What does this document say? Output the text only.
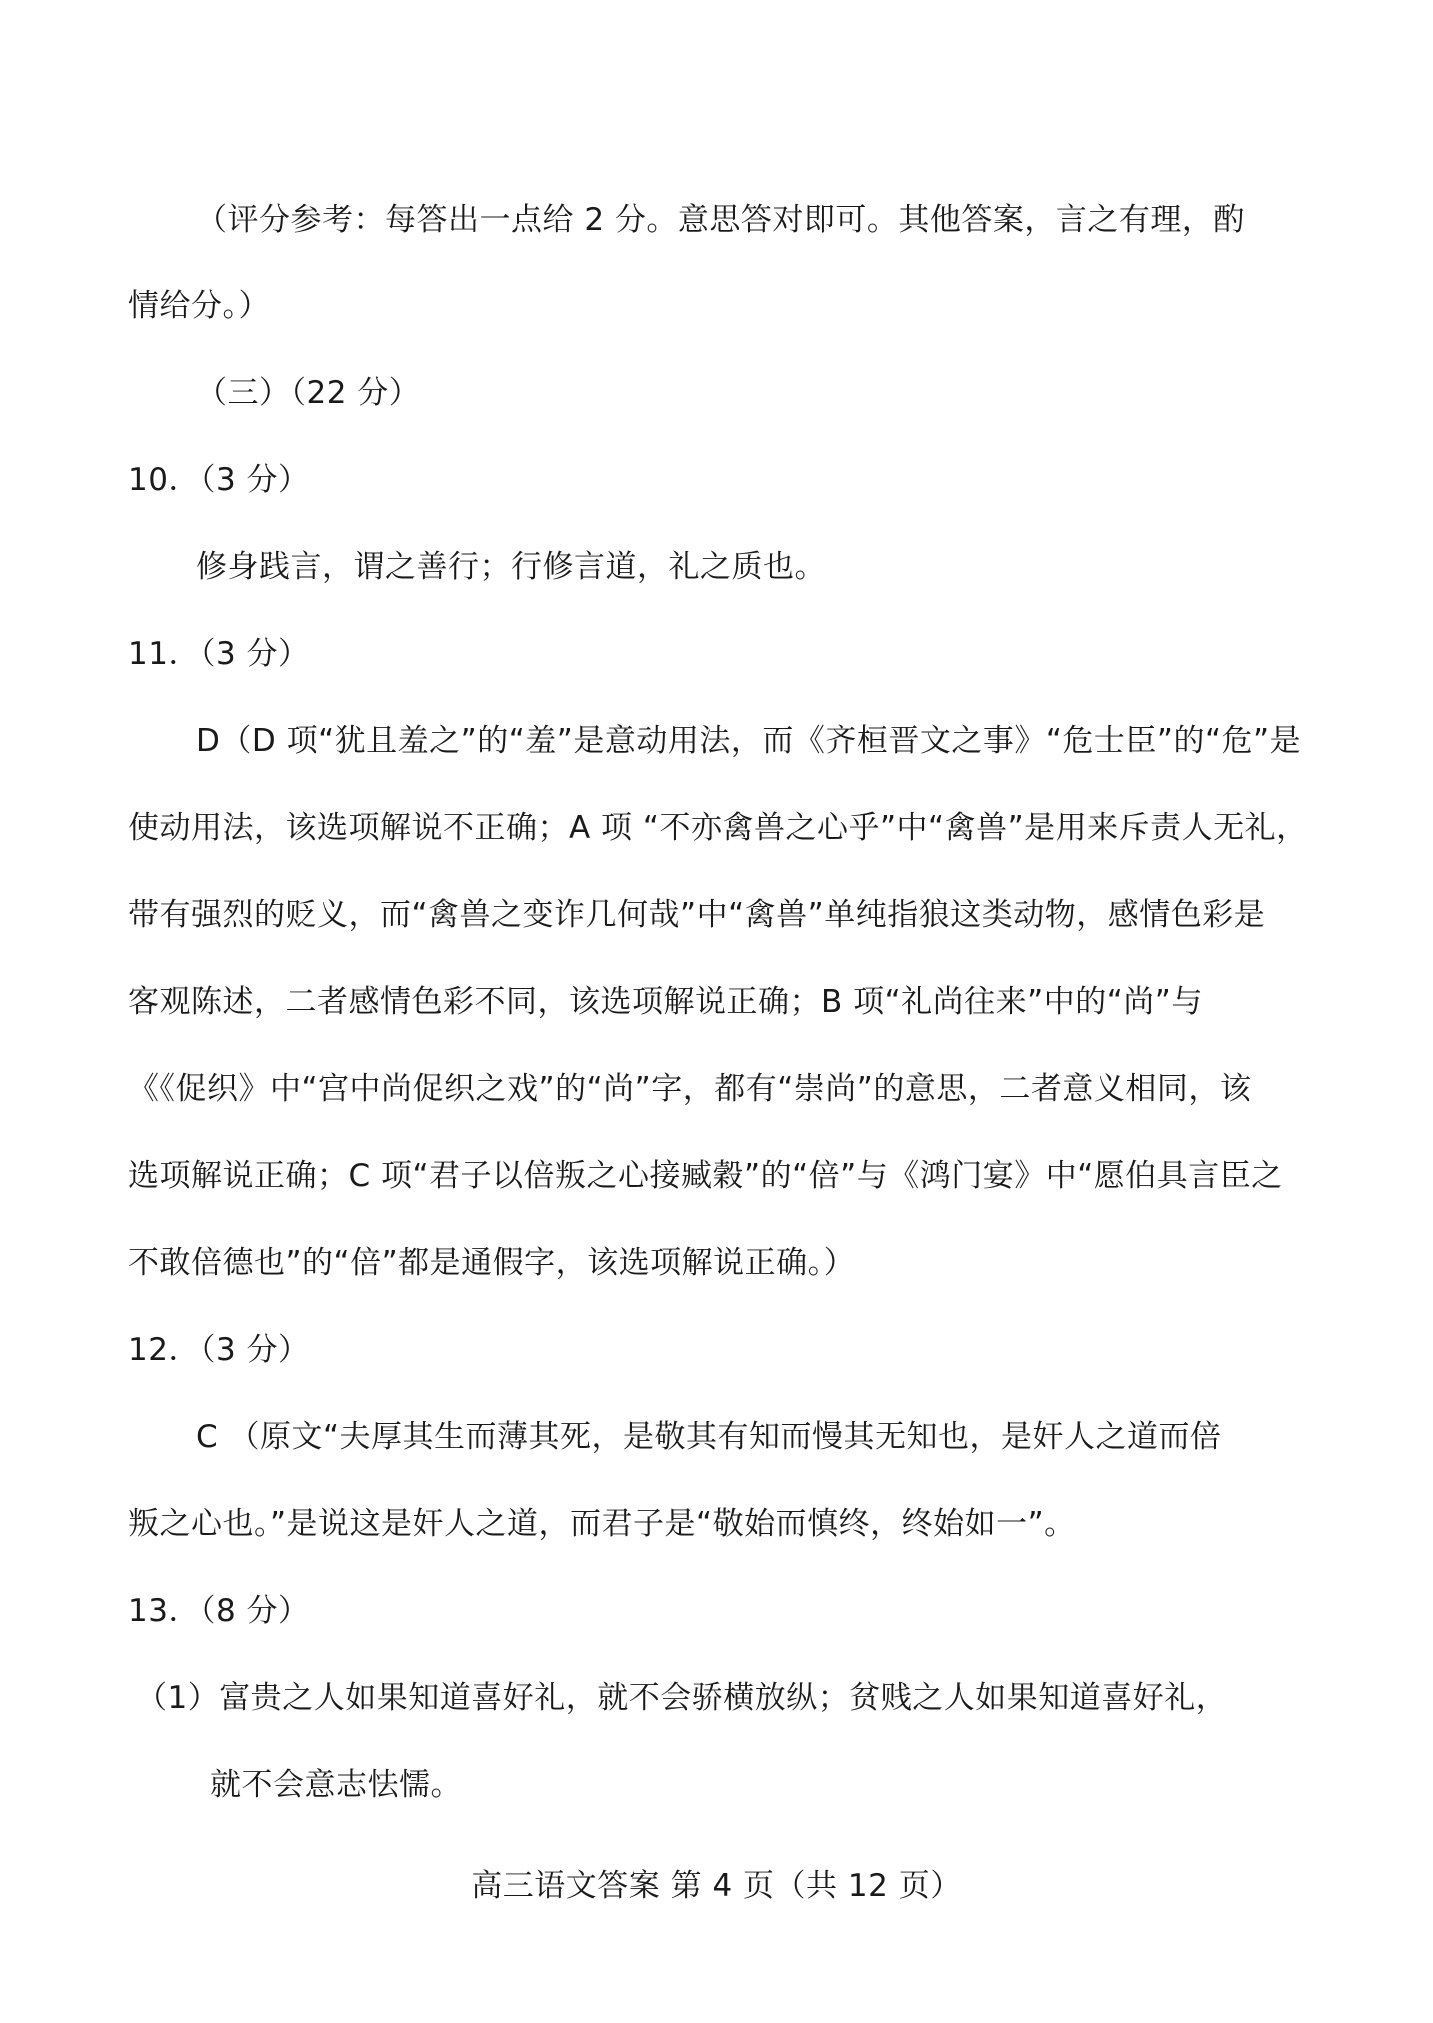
（评分参考：每答出一点给 2 分。意思答对即可。其他答案，言之有理，酌
情给分。）
（三）（22 分）
10．（3 分）
修身践言，谓之善行；行修言道，礼之质也。
11．（3 分）
D（D 项“犹且羞之”的“羞”是意动用法，而《齐桓晋文之事》“危士臣”的“危”是
使动用法，该选项解说不正确；A 项 “不亦禽兽之心乎”中“禽兽”是用来斥责人无礼，
带有强烈的贬义，而“禽兽之变诈几何哉”中“禽兽”单纯指狼这类动物，感情色彩是
客观陈述，二者感情色彩不同，该选项解说正确；B 项“礼尚往来”中的“尚”与
《《促织》中“宫中尚促织之戏”的“尚”字，都有“崇尚”的意思，二者意义相同，该
选项解说正确；C 项“君子以倍叛之心接臧穀”的“倍”与《鸿门宴》中“愿伯具言臣之
不敢倍德也”的“倍”都是通假字，该选项解说正确。）
12．（3 分）
C （原文“夫厚其生而薄其死，是敬其有知而慢其无知也，是奸人之道而倍
叛之心也。”是说这是奸人之道，而君子是“敬始而慎终，终始如一”。
13．（8 分）
（1）富贵之人如果知道喜好礼，就不会骄横放纵；贫贱之人如果知道喜好礼，
就不会意志怯懦。
高三语文答案 第 4 页（共 12 页）
